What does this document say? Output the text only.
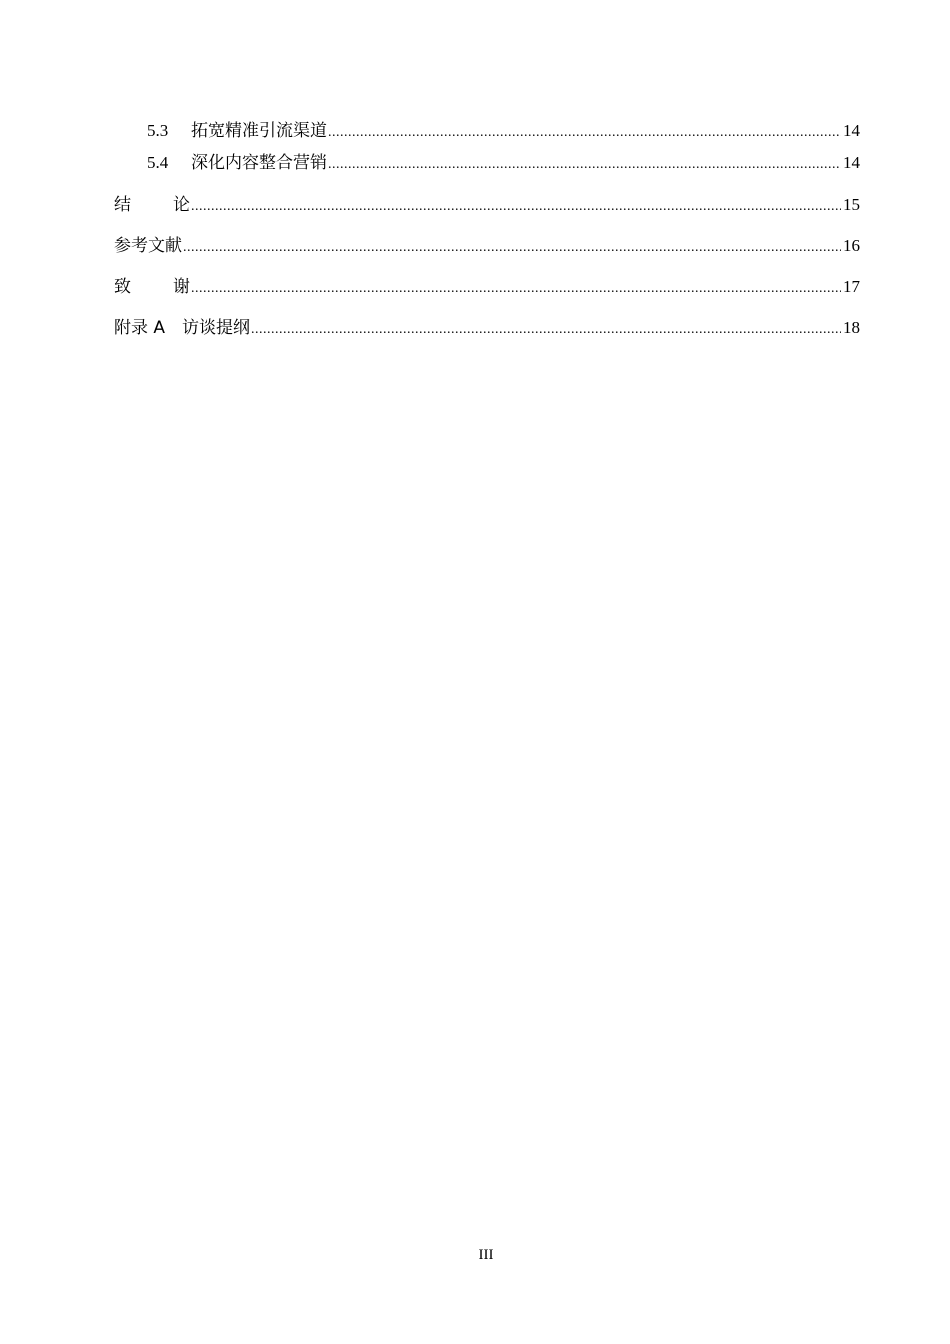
5.3	拓宽精准引流渠道 .....	14
5.4	深化内容整合营销 .....	14
结 论 .....	15
参考文献 .....	16
致 谢 .....	17
附录 A　访谈提纲 .....	18
III
